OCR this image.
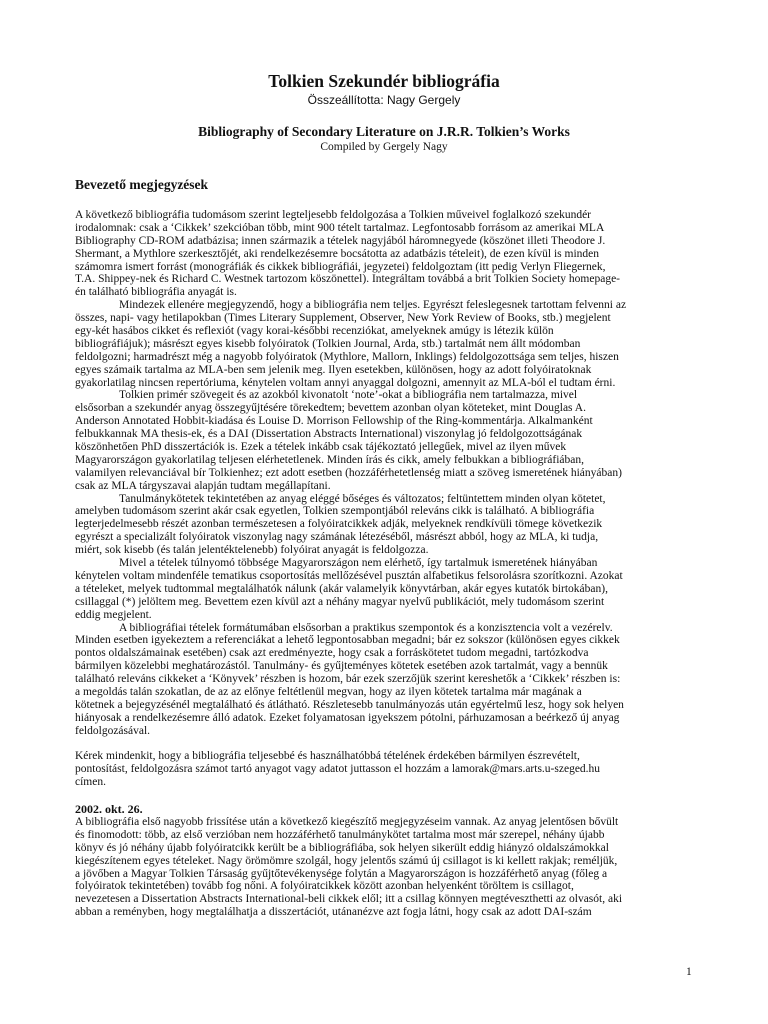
Tolkien Szekundér bibliográfia
Összeállította: Nagy Gergely
Bibliography of Secondary Literature on J.R.R. Tolkien’s Works
Compiled by Gergely Nagy
Bevezető megjegyzések
A következő bibliográfia tudomásom szerint legteljesebb feldolgozása a Tolkien műveivel foglalkozó szekundér
irodalomnak: csak a ‘Cikkek’ szekcióban több, mint 900 tételt tartalmaz. Legfontosabb forrásom az amerikai MLA
Bibliography CD-ROM adatbázisa; innen származik a tételek nagyjából háromnegyede (köszönet illeti Theodore J.
Shermant, a Mythlore szerkesztőjét, aki rendelkezésemre bocsátotta az adatbázis tételeit), de ezen kívül is minden
számomra ismert forrást (monográfiák és cikkek bibliográfiái, jegyzetei) feldolgoztam (itt pedig Verlyn Fliegernek,
T.A. Shippey-nek és Richard C. Westnek tartozom köszönettel). Integráltam továbbá a brit Tolkien Society homepage-
én található bibliográfia anyagát is.
Mindezek ellenére megjegyzendő, hogy a bibliográfia nem teljes. Egyrészt feleslegesnek tartottam felvenni az
összes, napi- vagy hetilapokban (Times Literary Supplement, Observer, New York Review of Books, stb.) megjelent
egy-két hasábos cikket és reflexiót (vagy korai-későbbi recenziókat, amelyeknek amúgy is létezik külön
bibliográfiájuk); másrészt egyes kisebb folyóiratok (Tolkien Journal, Arda, stb.) tartalmát nem állt módomban
feldolgozni; harmadrészt még a nagyobb folyóiratok (Mythlore, Mallorn, Inklings) feldolgozottsága sem teljes, hiszen
egyes számaik tartalma az MLA-ben sem jelenik meg. Ilyen esetekben, különösen, hogy az adott folyóiratoknak
gyakorlatilag nincsen repertóriuma, kénytelen voltam annyi anyaggal dolgozni, amennyit az MLA-ból el tudtam érni.
Tolkien primér szövegeit és az azokból kivonatolt ‘note’-okat a bibliográfia nem tartalmazza, mivel
elsősorban a szekundér anyag összegyűjtésére törekedtem; bevettem azonban olyan köteteket, mint Douglas A.
Anderson Annotated Hobbit-kiadása és Louise D. Morrison Fellowship of the Ring-kommentárja. Alkalmanként
felbukkannak MA thesis-ek, és a DAI (Dissertation Abstracts International) viszonylag jó feldolgozottságának
köszönhetően PhD disszertációk is. Ezek a tételek inkább csak tájékoztató jellegűek, mivel az ilyen művek
Magyarországon gyakorlatilag teljesen elérhetetlenek. Minden írás és cikk, amely felbukkan a bibliográfiában,
valamilyen relevanciával bír Tolkienhez; ezt adott esetben (hozzáférhetetlenség miatt a szöveg ismeretének hiányában)
csak az MLA tárgyszavai alapján tudtam megállapítani.
Tanulmánykötetek tekintetében az anyag eléggé bőséges és változatos; feltüntettem minden olyan kötetet,
amelyben tudomásom szerint akár csak egyetlen, Tolkien szempontjából releváns cikk is található. A bibliográfia
legterjedelmesebb részét azonban természetesen a folyóiratcikkek adják, melyeknek rendkívüli tömege következik
egyrészt a specializált folyóiratok viszonylag nagy számának létezéséből, másrészt abból, hogy az MLA, ki tudja,
miért, sok kisebb (és talán jelentéktelenebb) folyóirat anyagát is feldolgozza.
Mivel a tételek túlnyomó többsége Magyarországon nem elérhető, így tartalmuk ismeretének hiányában
kénytelen voltam mindenféle tematikus csoportosítás mellőzésével pusztán alfabetikus felsorolásra szorítkozni. Azokat
a tételeket, melyek tudtommal megtalálhatók nálunk (akár valamelyik könyvtárban, akár egyes kutatók birtokában),
csillaggal (*) jelöltem meg. Bevettem ezen kívül azt a néhány magyar nyelvű publikációt, mely tudomásom szerint
eddig megjelent.
A bibliográfiai tételek formátumában elsősorban a praktikus szempontok és a konzisztencia volt a vezérelv.
Minden esetben igyekeztem a referenciákat a lehető legpontosabban megadni; bár ez sokszor (különösen egyes cikkek
pontos oldalszámainak esetében) csak azt eredményezte, hogy csak a forráskötetet tudom megadni, tartózkodva
bármilyen közelebbi meghatározástól. Tanulmány- és gyűjteményes kötetek esetében azok tartalmát, vagy a bennük
található releváns cikkeket a ‘Könyvek’ részben is hozom, bár ezek szerzőjük szerint kereshetők a ‘Cikkek’ részben is:
a megoldás talán szokatlan, de az az előnye feltétlenül megvan, hogy az ilyen kötetek tartalma már magának a
kötetnek a bejegyzésénél megtalálható és átlátható. Részletesebb tanulmányozás után egyértelmű lesz, hogy sok helyen
hiányosak a rendelkezésemre álló adatok. Ezeket folyamatosan igyekszem pótolni, párhuzamosan a beérkező új anyag
feldolgozásával.
Kérek mindenkit, hogy a bibliográfia teljesebbé és használhatóbbá tételének érdekében bármilyen észrevételt,
pontosítást, feldolgozásra számot tartó anyagot vagy adatot juttasson el hozzám a lamorak@mars.arts.u-szeged.hu
címen.
2002. okt. 26.
A bibliográfia első nagyobb frissítése után a következő kiegészítő megjegyzéseim vannak. Az anyag jelentősen bővült
és finomodott: több, az első verzióban nem hozzáférhető tanulmánykötet tartalma most már szerepel, néhány újabb
könyv és jó néhány újabb folyóiratcikk került be a bibliográfiába, sok helyen sikerült eddig hiányzó oldalszámokkal
kiegészítenem egyes tételeket. Nagy örömömre szolgál, hogy jelentős számú új csillagot is ki kellett rakjak; reméljük,
a jövőben a Magyar Tolkien Társaság gyűjtőtevékenysége folytán a Magyarországon is hozzáférhető anyag (főleg a
folyóiratok tekintetében) tovább fog nőni. A folyóiratcikkek között azonban helyenként töröltem is csillagot,
nevezetesen a Dissertation Abstracts International-beli cikkek elől; itt a csillag könnyen megtéveszthetti az olvasót, aki
abban a reményben, hogy megtalálhatja a disszertációt, utánanézve azt fogja látni, hogy csak az adott DAI-szám
1
